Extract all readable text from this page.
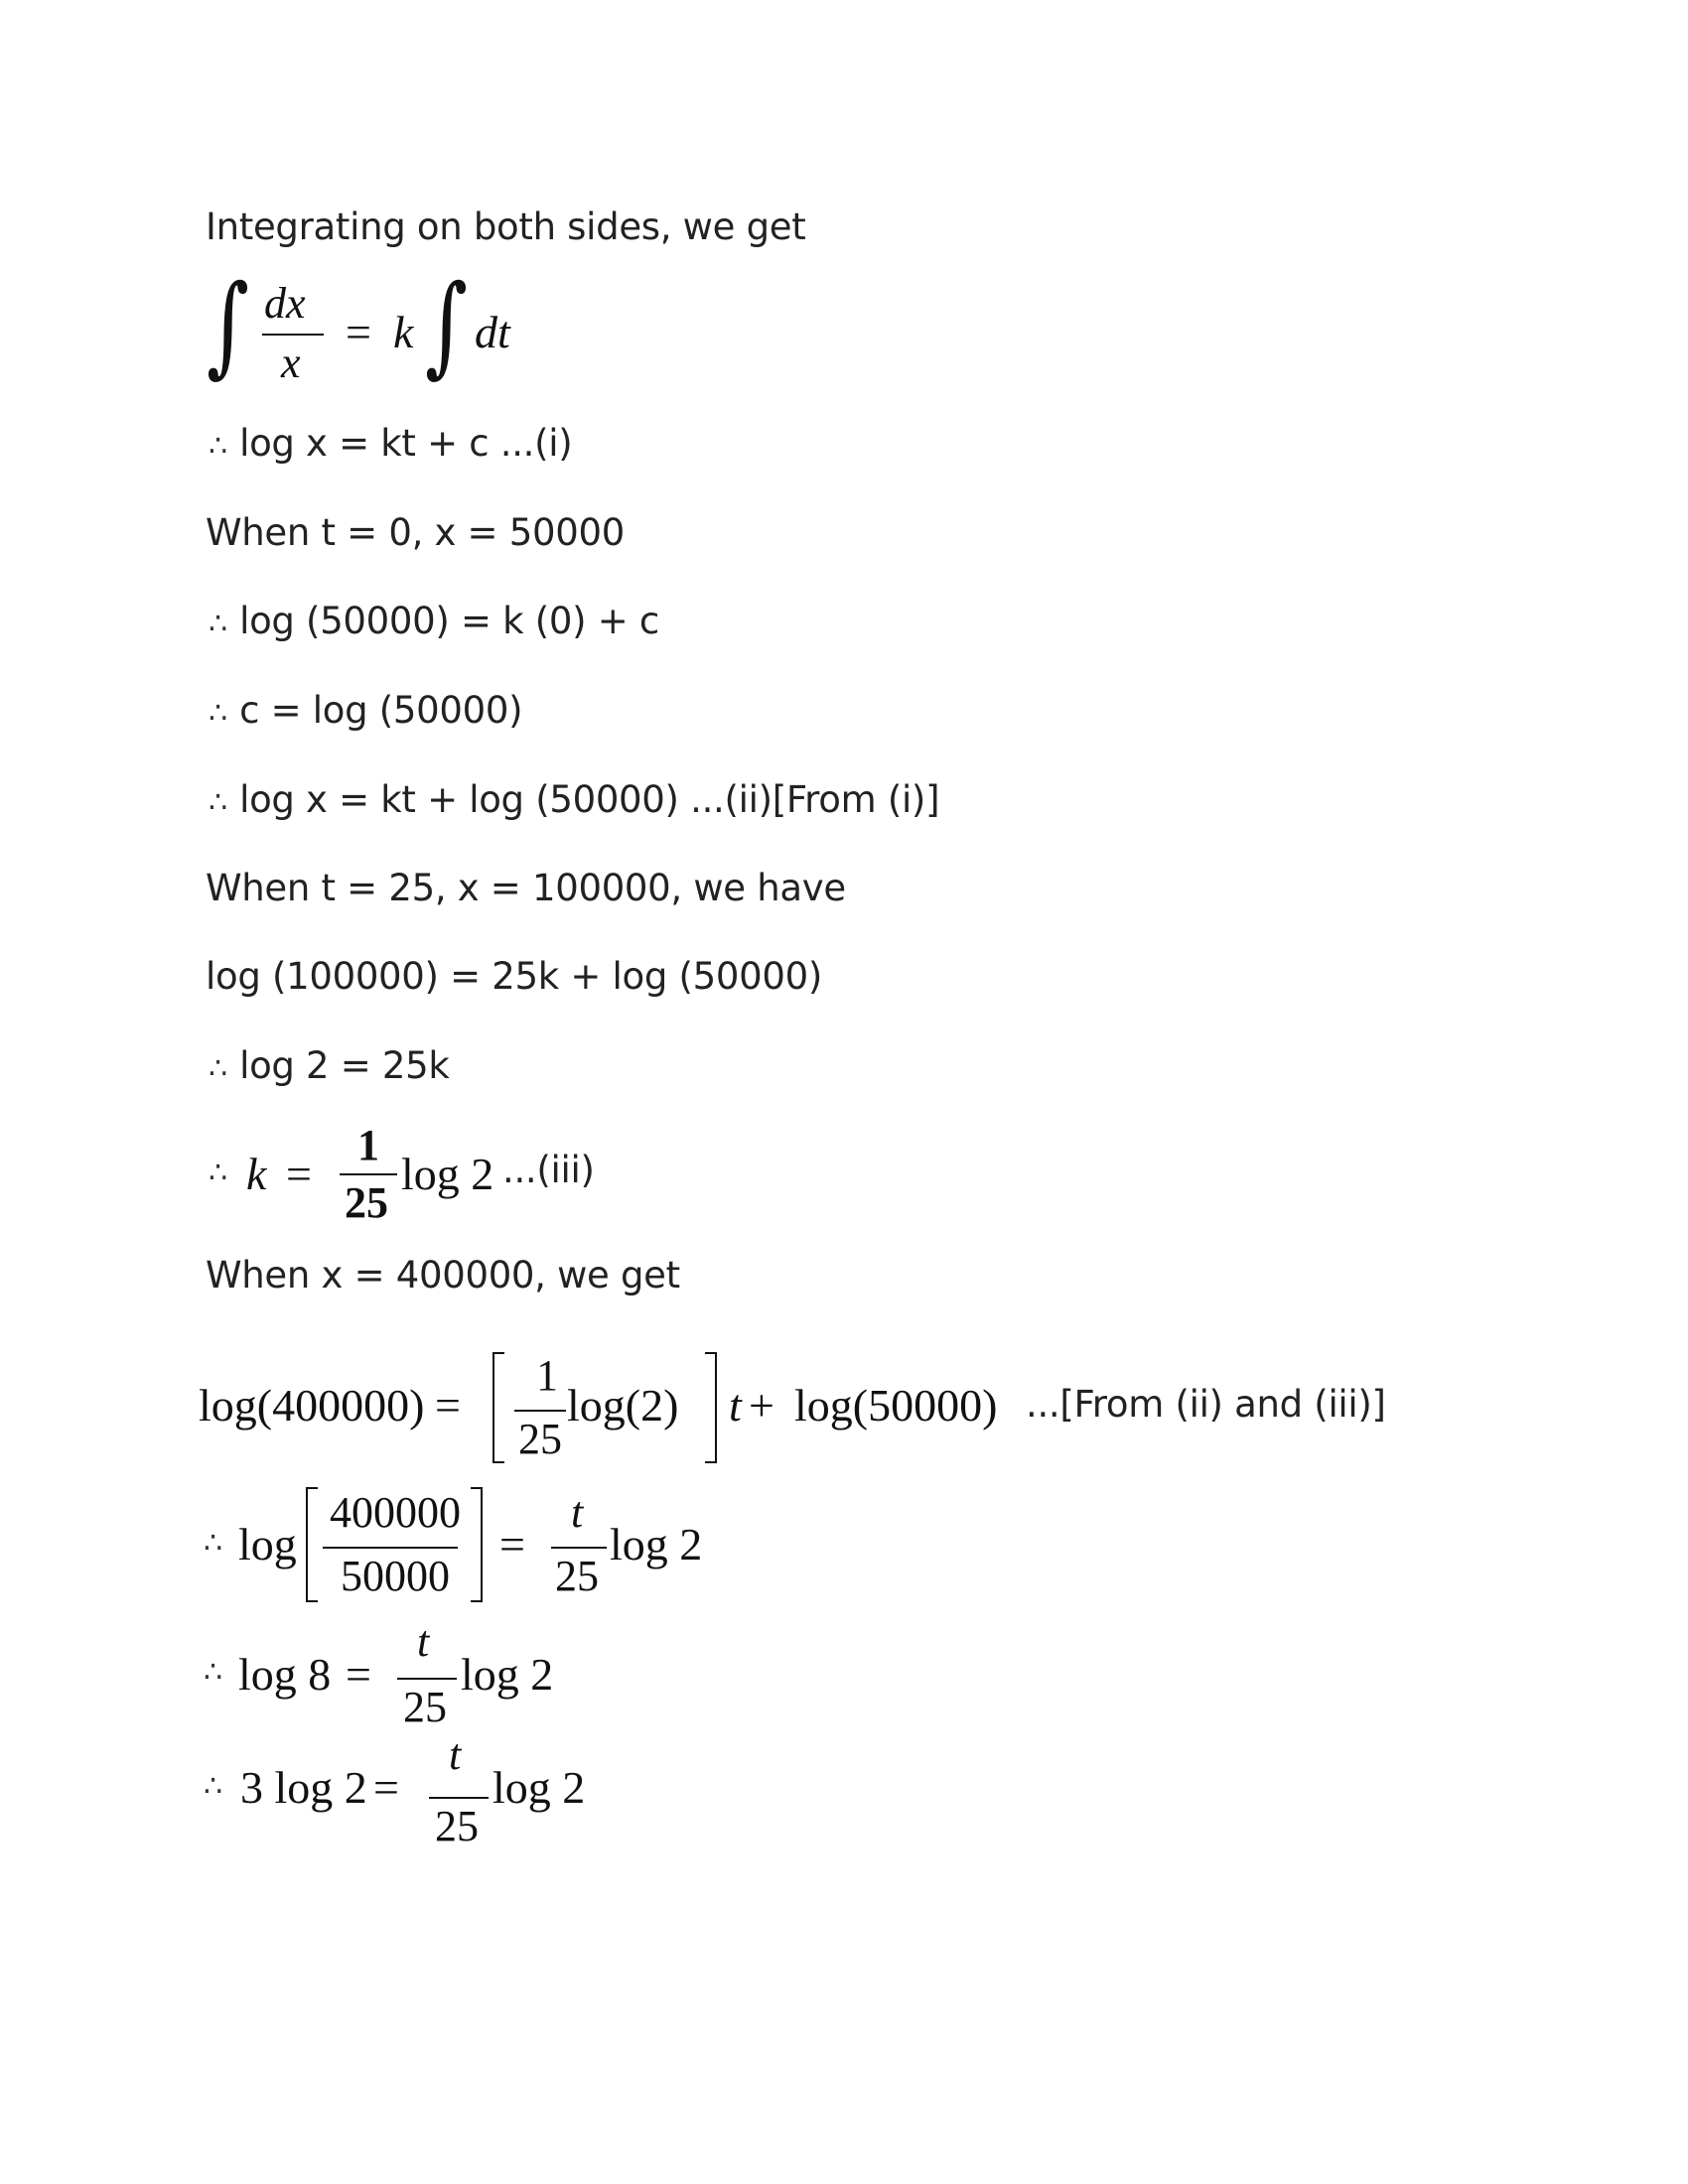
Integrating on both sides, we get
∫ dx
x
= k ∫ dt
∴ log x = kt + c ...(i)
When t = 0, x = 50000
∴ log (50000) = k (0) + c
∴ c = log (50000)
∴ log x = kt + log (50000) ...(ii)[From (i)]
When t = 25, x = 100000, we have
log (100000) = 25k + log (50000)
∴ log 2 = 25k
∴ k =
1
25
log 2 ...(iii)
When x = 400000, we get
log(400000) =
1
25
log(2) t + log(50000) ...[From (ii) and (iii)]
∴ log
400000
50000
=
t
25
log 2
∴ log 8 =
t
25
log 2
∴ 3 log 2 =
t
25
log 2
